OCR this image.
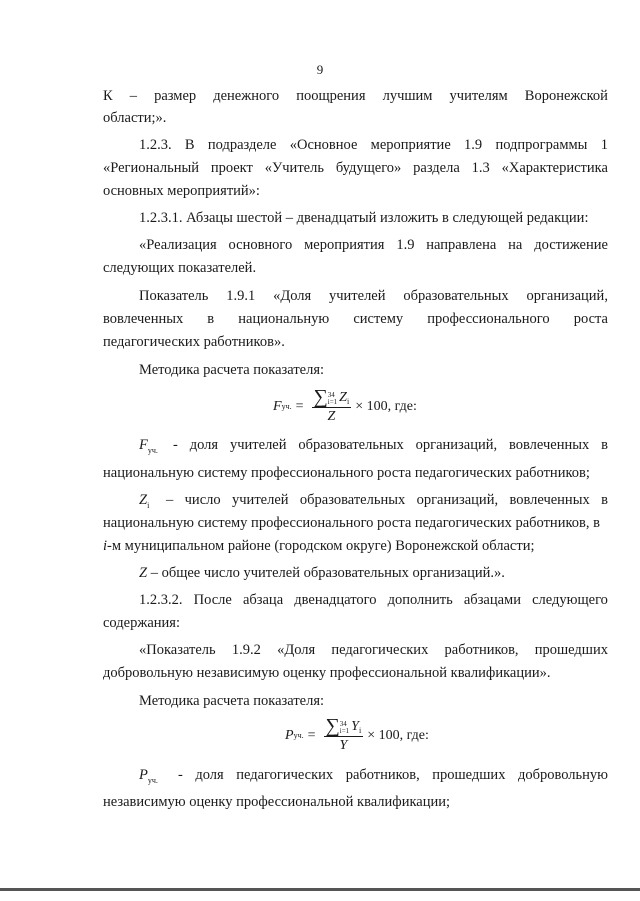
9
К – размер денежного поощрения лучшим учителям Воронежской
области;».
1.2.3. В подразделе «Основное мероприятие 1.9 подпрограммы 1
«Региональный проект «Учитель будущего» раздела 1.3 «Характеристика
основных мероприятий»:
1.2.3.1. Абзацы шестой – двенадцатый изложить в следующей редакции:
«Реализация основного мероприятия 1.9 направлена на достижение
следующих показателей.
Показатель 1.9.1 «Доля учителей образовательных организаций,
вовлеченных в национальную систему профессионального роста
педагогических работников».
Методика расчета показателя:
F уч. = ∑ 34
i=1 $Z_i$
Z × 100 , где:
$F_{уч.}$	- доля учителей образовательных организаций, вовлеченных в
национальную систему профессионального роста педагогических работников;
$Z_i$	– число учителей образовательных организаций, вовлеченных в
национальную систему профессионального роста педагогических работников, в
i-м муниципальном районе (городском округе) Воронежской области;
Z – общее число учителей образовательных организаций.».
1.2.3.2. После абзаца двенадцатого дополнить абзацами следующего
содержания:
«Показатель 1.9.2 «Доля педагогических работников, прошедших
добровольную независимую оценку профессиональной квалификации».
Методика расчета показателя:
P уч. = ∑ 34
i=1 $Y_i$
Y × 100 , где:
$P_{уч.}$	- доля педагогических работников, прошедших добровольную
независимую оценку профессиональной квалификации;
